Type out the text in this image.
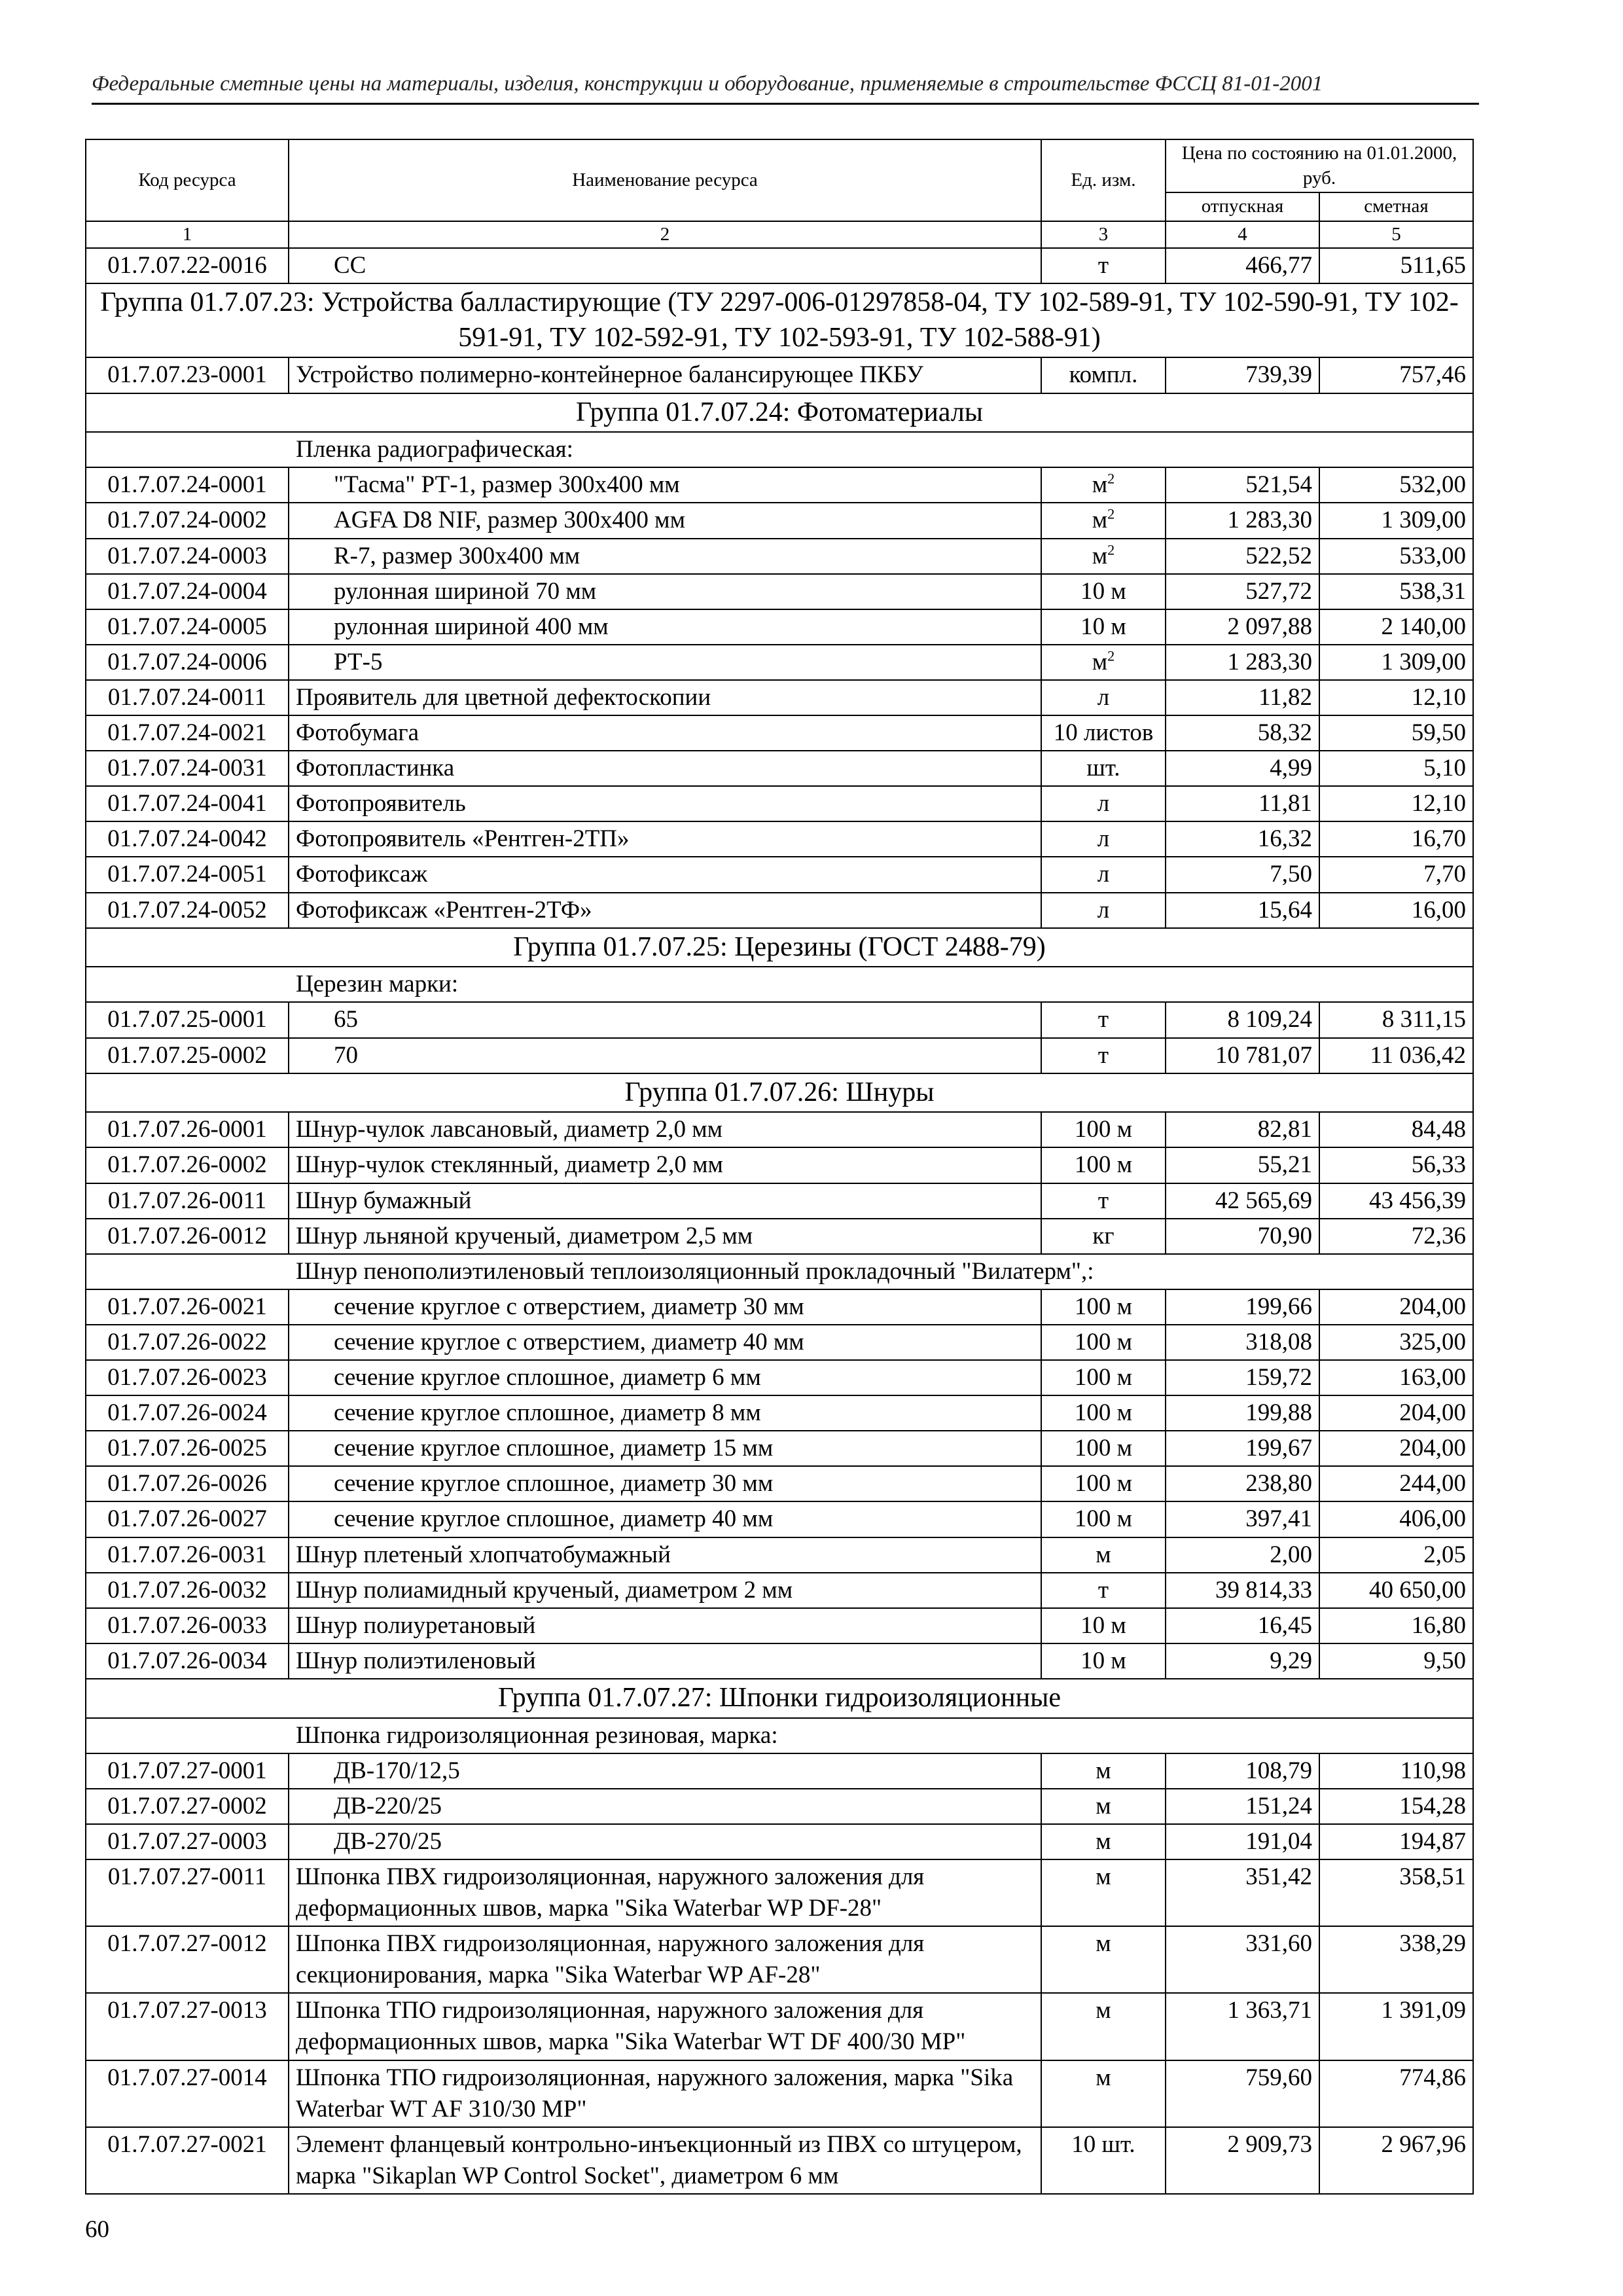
Федеральные сметные цены на материалы, изделия, конструкции и оборудование, применяемые в строительстве ФССЦ 81-01-2001
Код ресурса	Наименование ресурса	Ед. изм.	Цена по состоянию на 01.01.2000, руб.	
			отпускная	сметная
1	2	3	4	5
01.7.07.22-0016	СС	т	466,77	511,65
Группа 01.7.07.23: Устройства балластирующие (ТУ 2297-006-01297858-04, ТУ 102-589-91, ТУ 102-590-91, ТУ 102-591-91, ТУ 102-592-91, ТУ 102-593-91, ТУ 102-588-91)				
01.7.07.23-0001	Устройство полимерно-контейнерное балансирующее ПКБУ	компл.	739,39	757,46
Группа 01.7.07.24: Фотоматериалы				
Пленка радиографическая:				
01.7.07.24-0001	"Тасма" РТ-1, размер 300х400 мм	$м^2$	521,54	532,00
01.7.07.24-0002	AGFA D8 NIF, размер 300х400 мм	$м^2$	1 283,30	1 309,00
01.7.07.24-0003	R-7, размер 300х400 мм	$м^2$	522,52	533,00
01.7.07.24-0004	рулонная шириной 70 мм	10 м	527,72	538,31
01.7.07.24-0005	рулонная шириной 400 мм	10 м	2 097,88	2 140,00
01.7.07.24-0006	РТ-5	$м^2$	1 283,30	1 309,00
01.7.07.24-0011	Проявитель для цветной дефектоскопии	л	11,82	12,10
01.7.07.24-0021	Фотобумага	10 листов	58,32	59,50
01.7.07.24-0031	Фотопластинка	шт.	4,99	5,10
01.7.07.24-0041	Фотопроявитель	л	11,81	12,10
01.7.07.24-0042	Фотопроявитель «Рентген-2ТП»	л	16,32	16,70
01.7.07.24-0051	Фотофиксаж	л	7,50	7,70
01.7.07.24-0052	Фотофиксаж «Рентген-2ТФ»	л	15,64	16,00
Группа 01.7.07.25: Церезины (ГОСТ 2488-79)				
Церезин марки:				
01.7.07.25-0001	65	т	8 109,24	8 311,15
01.7.07.25-0002	70	т	10 781,07	11 036,42
Группа 01.7.07.26: Шнуры				
01.7.07.26-0001	Шнур-чулок лавсановый, диаметр 2,0 мм	100 м	82,81	84,48
01.7.07.26-0002	Шнур-чулок стеклянный, диаметр 2,0 мм	100 м	55,21	56,33
01.7.07.26-0011	Шнур бумажный	т	42 565,69	43 456,39
01.7.07.26-0012	Шнур льняной крученый, диаметром 2,5 мм	кг	70,90	72,36
Шнур пенополиэтиленовый теплоизоляционный прокладочный "Вилатерм",:				
01.7.07.26-0021	сечение круглое с отверстием, диаметр 30 мм	100 м	199,66	204,00
01.7.07.26-0022	сечение круглое с отверстием, диаметр 40 мм	100 м	318,08	325,00
01.7.07.26-0023	сечение круглое сплошное, диаметр 6 мм	100 м	159,72	163,00
01.7.07.26-0024	сечение круглое сплошное, диаметр 8 мм	100 м	199,88	204,00
01.7.07.26-0025	сечение круглое сплошное, диаметр 15 мм	100 м	199,67	204,00
01.7.07.26-0026	сечение круглое сплошное, диаметр 30 мм	100 м	238,80	244,00
01.7.07.26-0027	сечение круглое сплошное, диаметр 40 мм	100 м	397,41	406,00
01.7.07.26-0031	Шнур плетеный хлопчатобумажный	м	2,00	2,05
01.7.07.26-0032	Шнур полиамидный крученый, диаметром 2 мм	т	39 814,33	40 650,00
01.7.07.26-0033	Шнур полиуретановый	10 м	16,45	16,80
01.7.07.26-0034	Шнур полиэтиленовый	10 м	9,29	9,50
Группа 01.7.07.27: Шпонки гидроизоляционные				
Шпонка гидроизоляционная резиновая, марка:				
01.7.07.27-0001	ДВ-170/12,5	м	108,79	110,98
01.7.07.27-0002	ДВ-220/25	м	151,24	154,28
01.7.07.27-0003	ДВ-270/25	м	191,04	194,87
01.7.07.27-0011	Шпонка ПВХ гидроизоляционная, наружного заложения для деформационных швов, марка "Sika Waterbar WP DF-28"	м	351,42	358,51
01.7.07.27-0012	Шпонка ПВХ гидроизоляционная, наружного заложения для секционирования, марка "Sika Waterbar WP AF-28"	м	331,60	338,29
01.7.07.27-0013	Шпонка ТПО гидроизоляционная, наружного заложения для деформационных швов, марка "Sika Waterbar WT DF 400/30 MP"	м	1 363,71	1 391,09
01.7.07.27-0014	Шпонка ТПО гидроизоляционная, наружного заложения, марка "Sika Waterbar WT AF 310/30 MP"	м	759,60	774,86
01.7.07.27-0021	Элемент фланцевый контрольно-инъекционный из ПВХ со штуцером, марка "Sikaplan WP Control Socket", диаметром 6 мм	10 шт.	2 909,73	2 967,96
60
